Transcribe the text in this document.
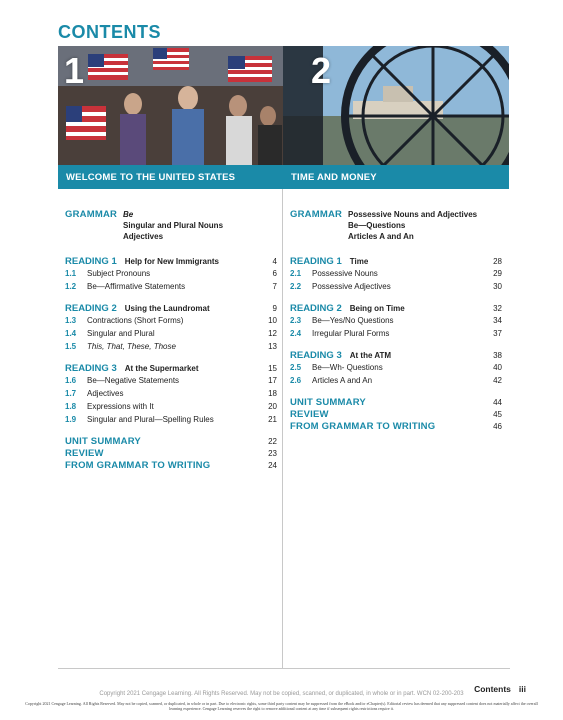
CONTENTS
1
WELCOME TO THE UNITED STATES
GRAMMAR Be
Singular and Plural Nouns
Adjectives
READING 1 Help for New Immigrants	4
1.1	Subject Pronouns	6
1.2	Be—Affirmative Statements	7
READING 2 Using the Laundromat	9
1.3	Contractions (Short Forms)	10
1.4	Singular and Plural	12
1.5	This, That, These, Those	13
READING 3 At the Supermarket	15
1.6	Be—Negative Statements	17
1.7	Adjectives	18
1.8	Expressions with It	20
1.9	Singular and Plural—Spelling Rules	21
UNIT SUMMARY	22
REVIEW	23
FROM GRAMMAR TO WRITING	24
2
TIME AND MONEY
GRAMMAR Possessive Nouns and Adjectives
Be—Questions
Articles A and An
READING 1 Time	28
2.1	Possessive Nouns	29
2.2	Possessive Adjectives	30
READING 2 Being on Time	32
2.3	Be—Yes/No Questions	34
2.4	Irregular Plural Forms	37
READING 3 At the ATM	38
2.5	Be—Wh- Questions	40
2.6	Articles A and An	42
UNIT SUMMARY	44
REVIEW	45
FROM GRAMMAR TO WRITING	46
Contents iii
Copyright 2021 Cengage Learning. All Rights Reserved. May not be copied, scanned, or duplicated, in whole or in part. WCN 02-200-203
Copyright 2021 Cengage Learning. All Rights Reserved. May not be copied, scanned, or duplicated, in whole or in part. Due to electronic rights, some third party content may be suppressed from the eBook and/or eChapter(s). Editorial review has deemed that any suppressed content does not materially affect the overall learning experience. Cengage Learning reserves the right to remove additional content at any time if subsequent rights restrictions require it.
